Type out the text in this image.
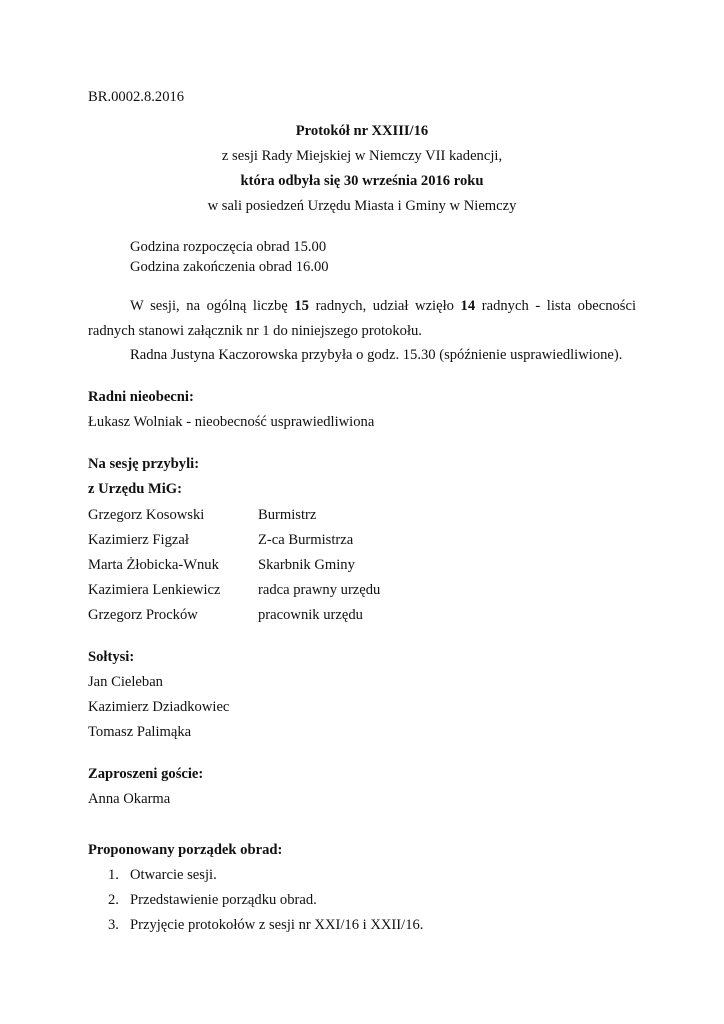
BR.0002.8.2016
Protokół nr XXIII/16
z sesji Rady Miejskiej w Niemczy VII kadencji,
która odbyła się 30 września 2016 roku
w sali posiedzeń Urzędu Miasta i Gminy w Niemczy
Godzina rozpoczęcia obrad 15.00
Godzina zakończenia obrad 16.00
W sesji, na ogólną liczbę 15 radnych, udział wzięło 14 radnych - lista obecności
radnych stanowi załącznik nr 1 do niniejszego protokołu.
Radna Justyna Kaczorowska przybyła o godz. 15.30 (spóźnienie usprawiedliwione).
Radni nieobecni:
Łukasz Wolniak - nieobecność usprawiedliwiona
Na sesję przybyli:
z Urzędu MiG:
Grzegorz Kosowski	Burmistrz
Kazimierz Figzał	Z-ca Burmistrza
Marta Żłobicka-Wnuk	Skarbnik Gminy
Kazimiera Lenkiewicz	radca prawny urzędu
Grzegorz Procków	pracownik urzędu
Sołtysi:
Jan Cieleban
Kazimierz Dziadkowiec
Tomasz Palimąka
Zaproszeni goście:
Anna Okarma
Proponowany porządek obrad:
1. Otwarcie sesji.
2. Przedstawienie porządku obrad.
3. Przyjęcie protokołów z sesji nr XXI/16 i XXII/16.
